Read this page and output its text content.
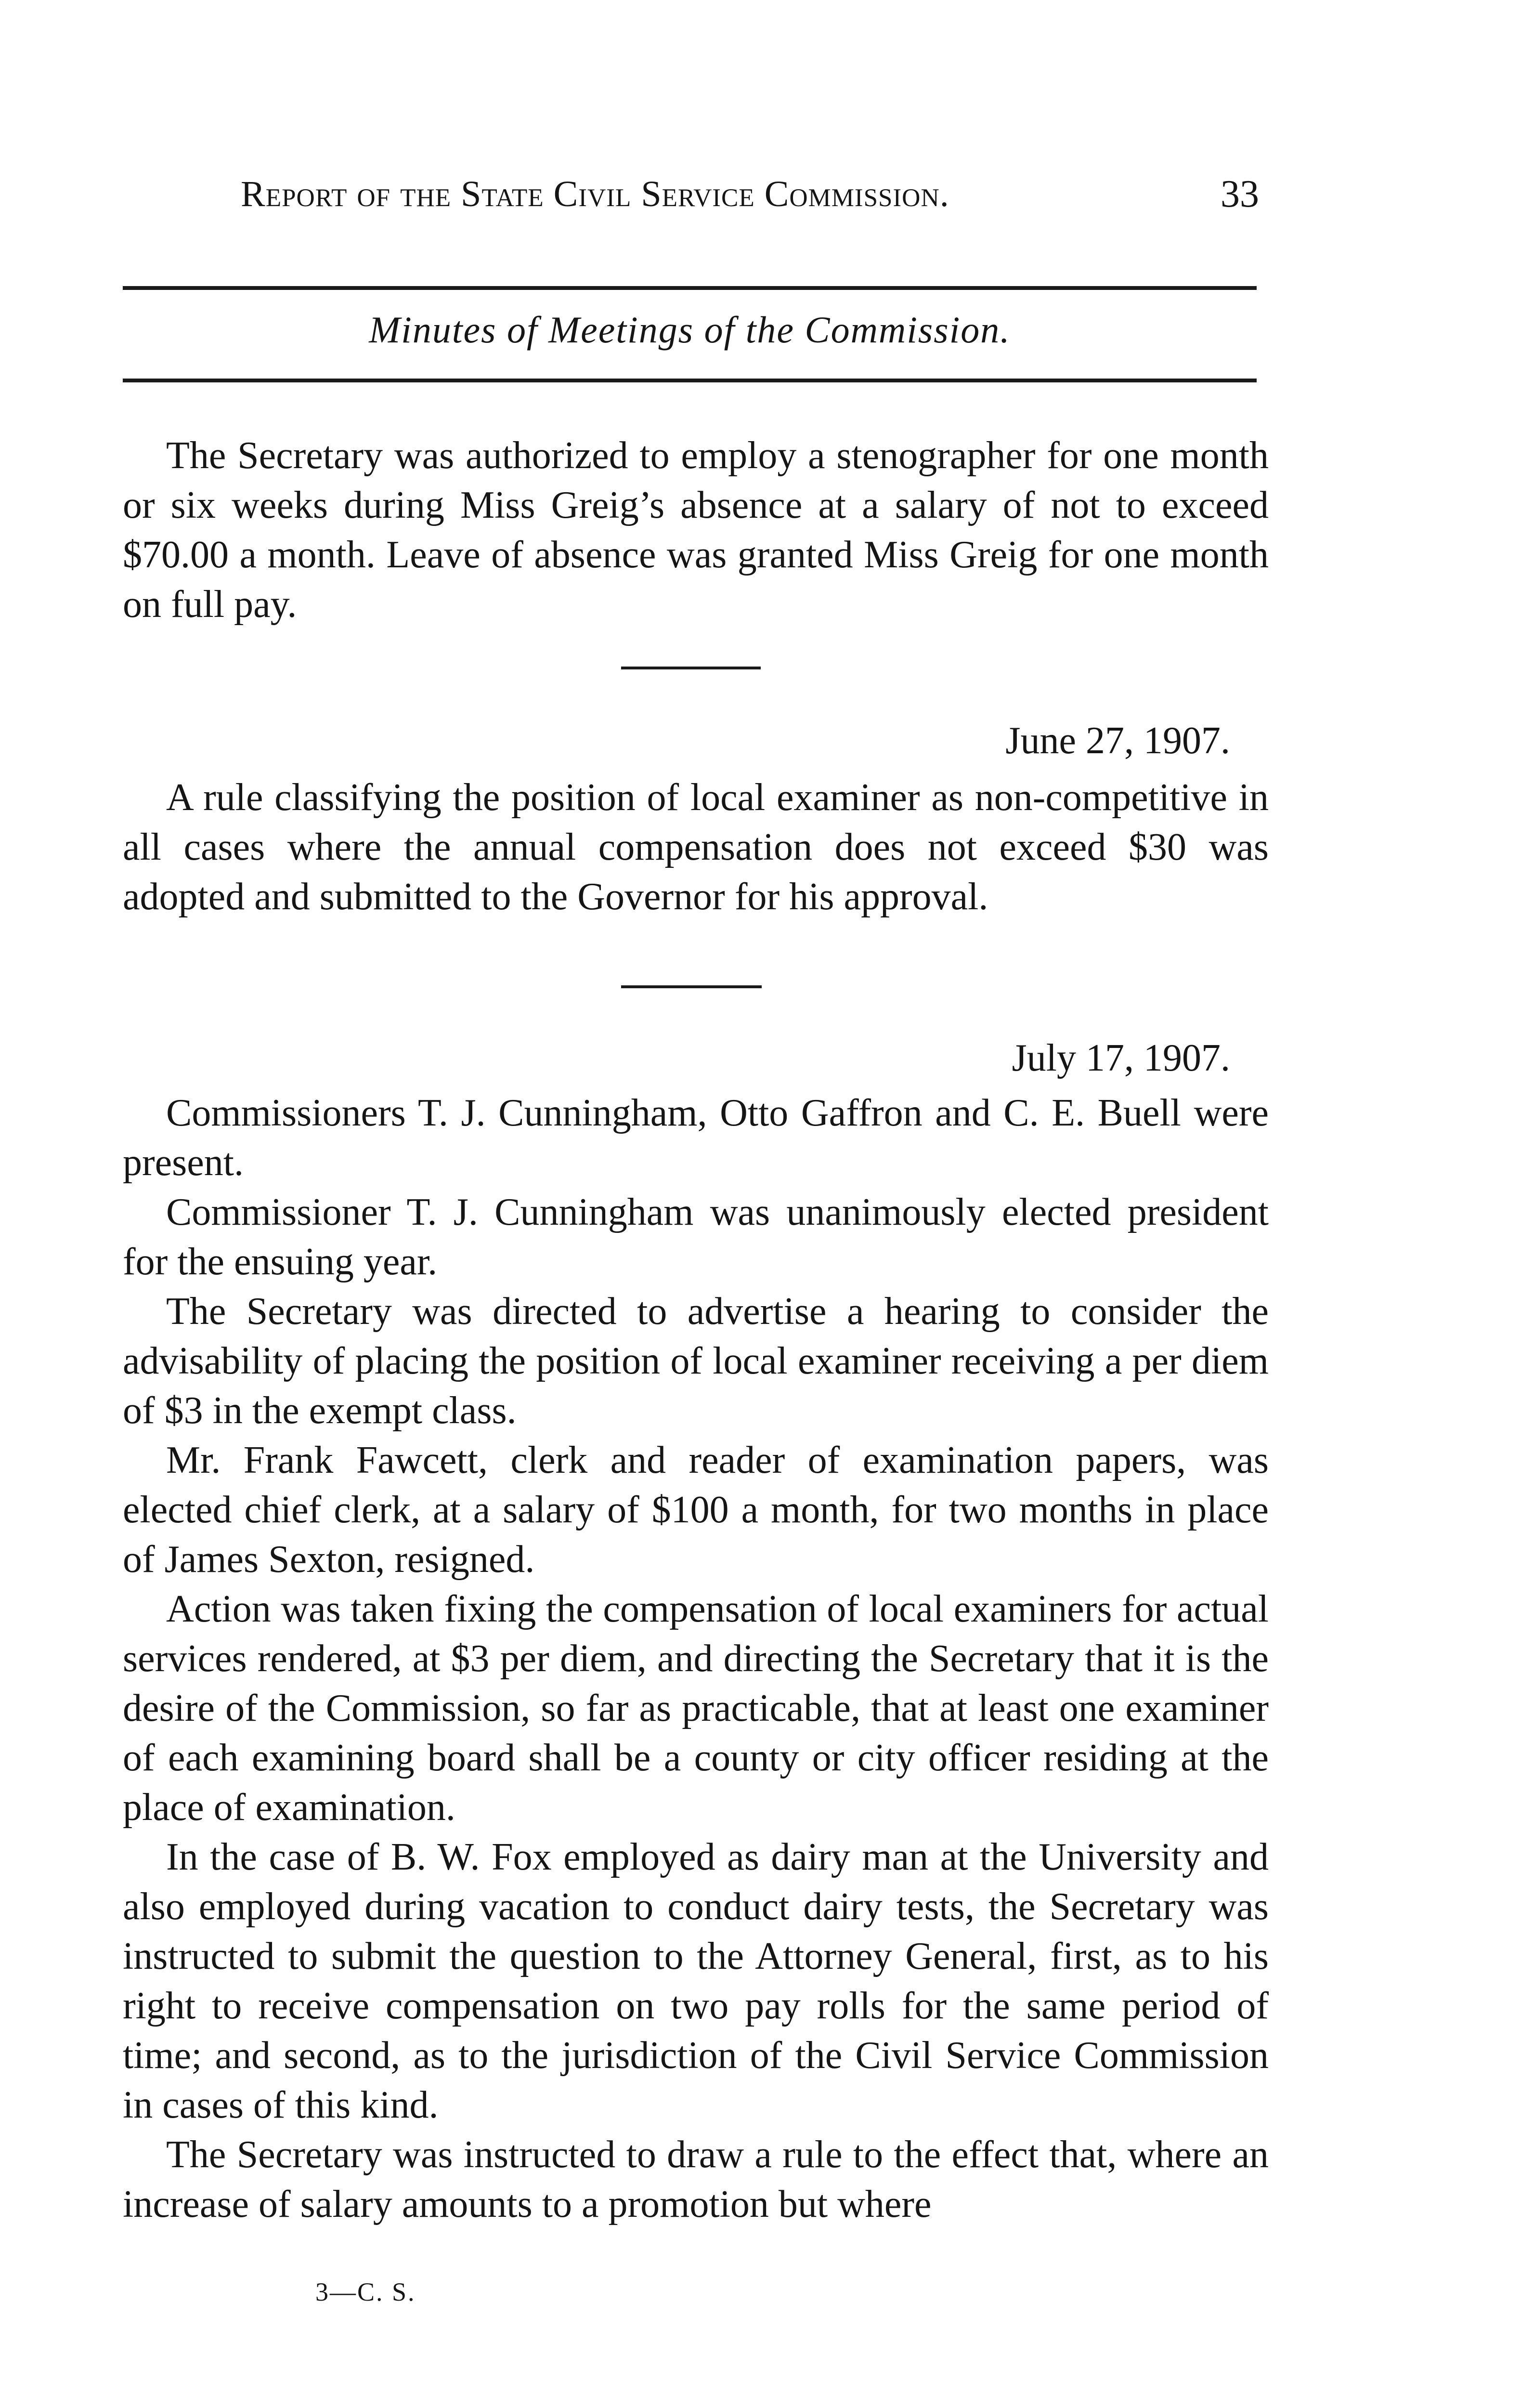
Report of the State Civil Service Commission.	33
Minutes of Meetings of the Commission.

The Secretary was authorized to employ a stenographer for one month or six weeks during Miss Greig’s absence at a salary of not to exceed $70.00 a month. Leave of absence was granted Miss Greig for one month on full pay.

June 27, 1907.

A rule classifying the position of local examiner as non-competitive in all cases where the annual compensation does not exceed $30 was adopted and submitted to the Governor for his approval.

July 17, 1907.

Commissioners T. J. Cunningham, Otto Gaffron and C. E. Buell were present.

Commissioner T. J. Cunningham was unanimously elected president for the ensuing year.

The Secretary was directed to advertise a hearing to consider the advisability of placing the position of local examiner receiving a per diem of $3 in the exempt class.

Mr. Frank Fawcett, clerk and reader of examination papers, was elected chief clerk, at a salary of $100 a month, for two months in place of James Sexton, resigned.

Action was taken fixing the compensation of local examiners for actual services rendered, at $3 per diem, and directing the Secretary that it is the desire of the Commission, so far as practicable, that at least one examiner of each examining board shall be a county or city officer residing at the place of examination.

In the case of B. W. Fox employed as dairy man at the University and also employed during vacation to conduct dairy tests, the Secretary was instructed to submit the question to the Attorney General, first, as to his right to receive compensation on two pay rolls for the same period of time; and second, as to the jurisdiction of the Civil Service Commission in cases of this kind.

The Secretary was instructed to draw a rule to the effect that, where an increase of salary amounts to a promotion but where

3—C. S.
